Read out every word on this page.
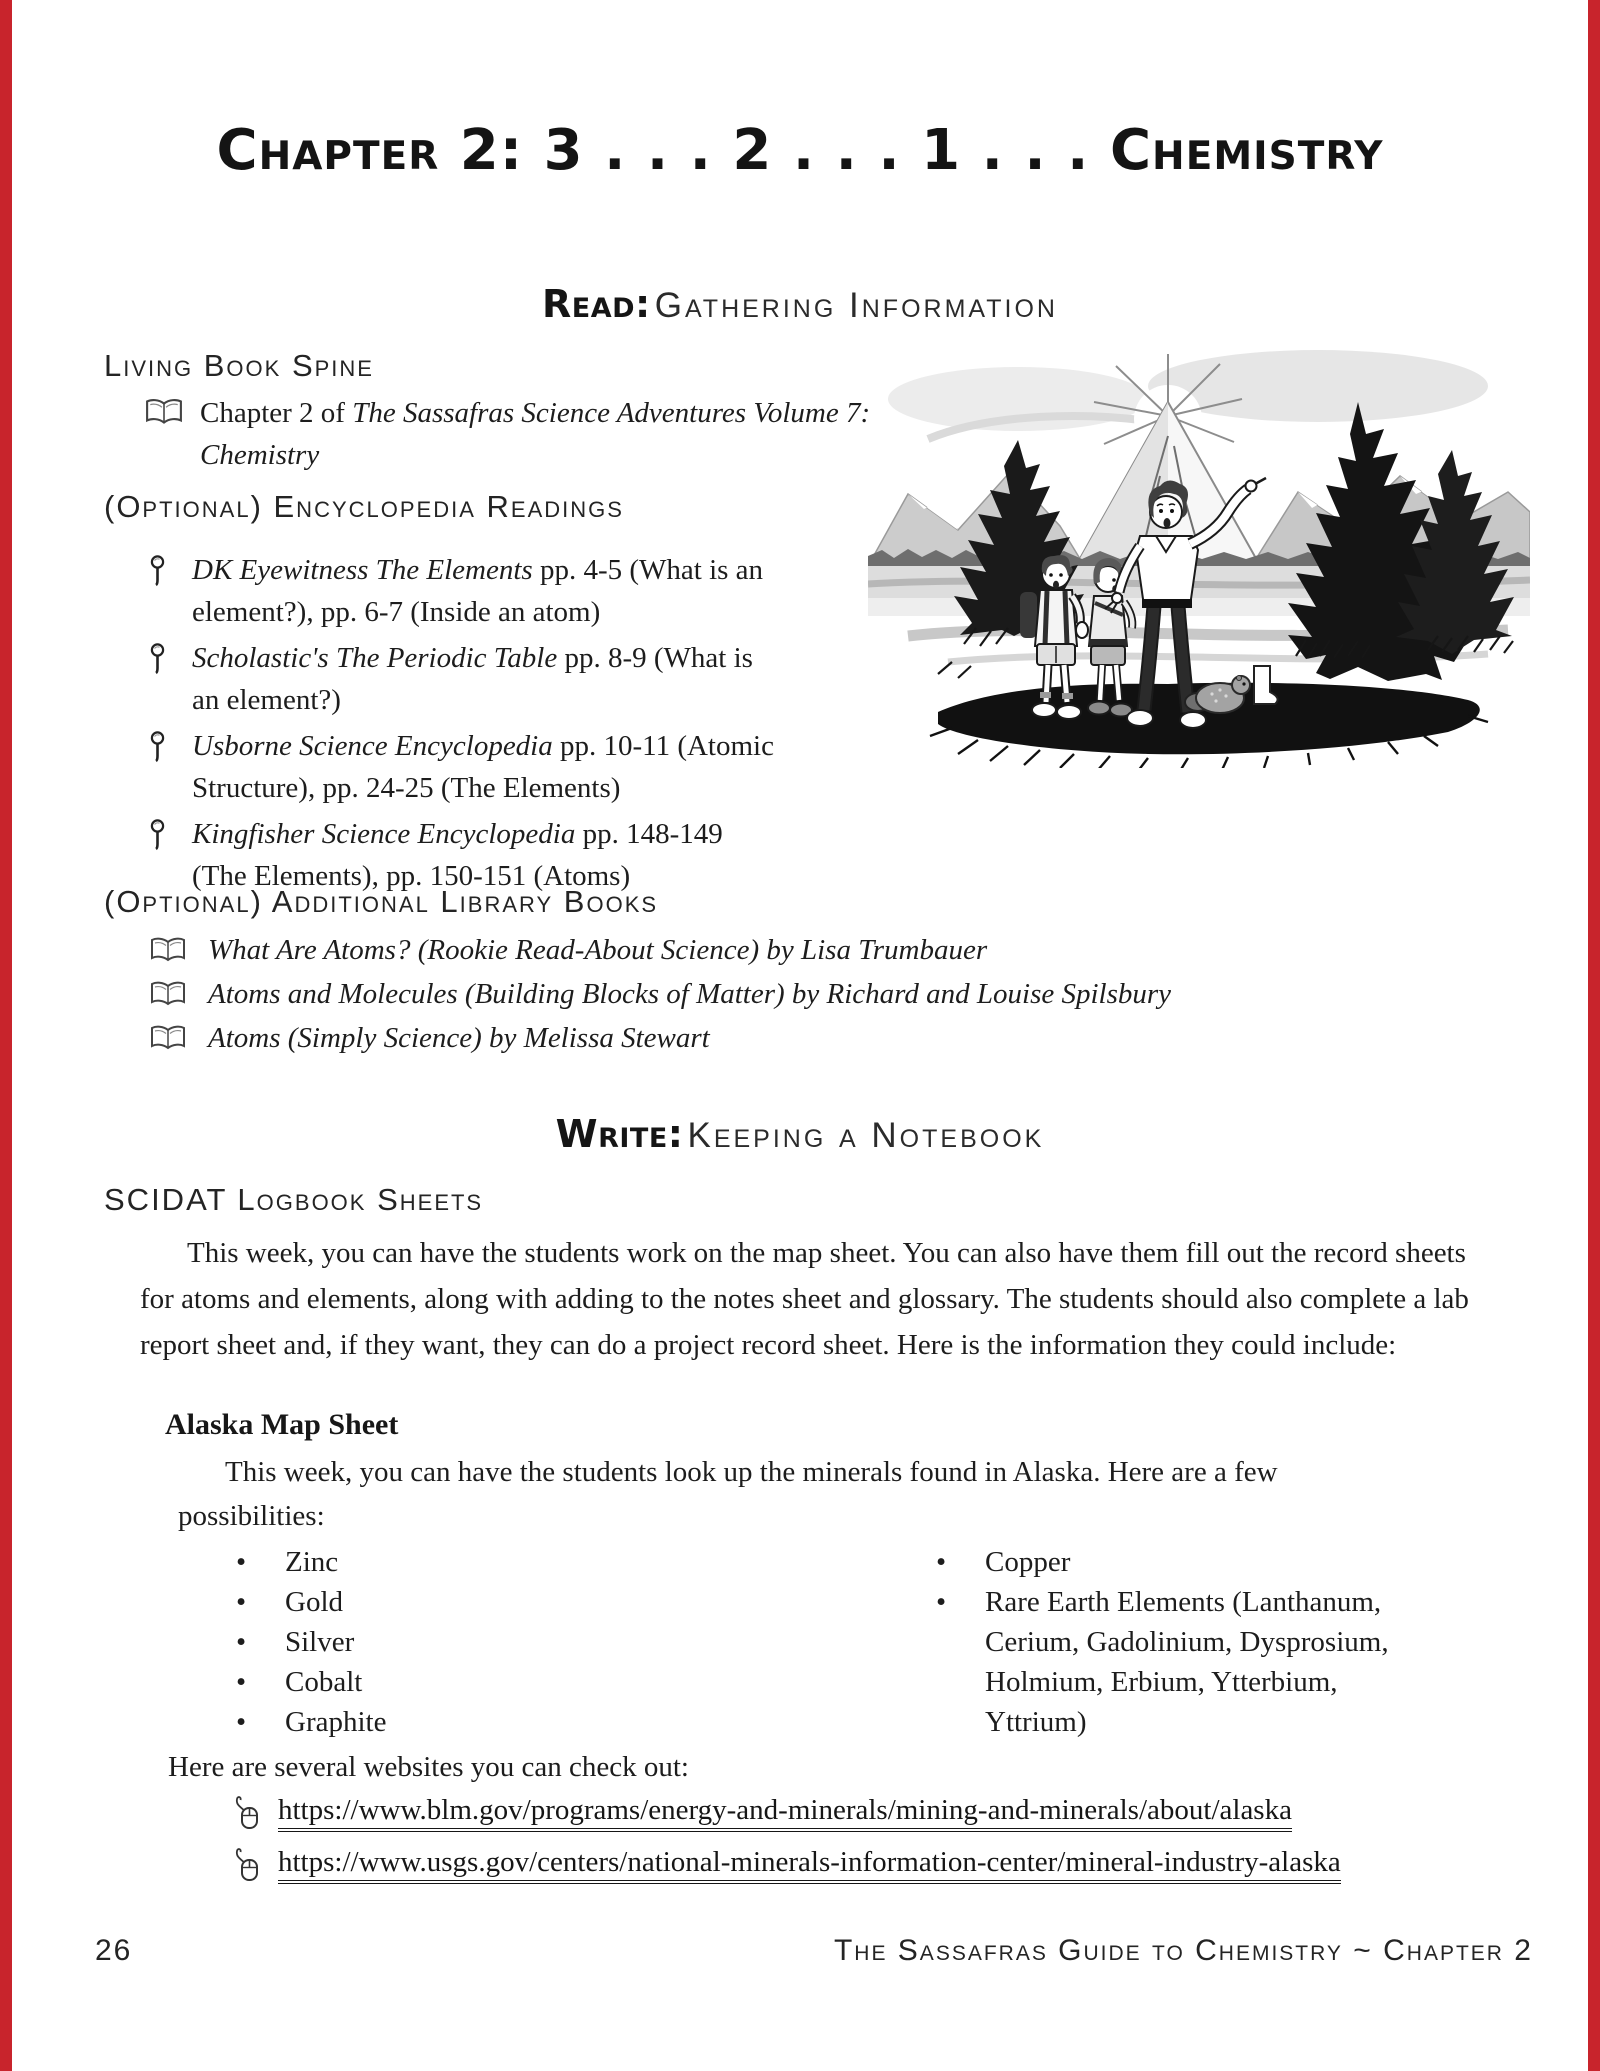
Chapter 2: 3 . . . 2 . . . 1 . . . Chemistry
Read: Gathering Information
Living Book Spine
Chapter 2 of The Sassafras Science Adventures Volume 7:
Chemistry
(Optional) Encyclopedia Readings
DK Eyewitness The Elements pp. 4-5 (What is an element?), pp. 6-7 (Inside an atom)
Scholastic's The Periodic Table pp. 8-9 (What is an element?)
Usborne Science Encyclopedia pp. 10-11 (Atomic Structure), pp. 24-25 (The Elements)
Kingfisher Science Encyclopedia pp. 148-149 (The Elements), pp. 150-151 (Atoms)
(Optional) Additional Library Books
What Are Atoms? (Rookie Read-About Science) by Lisa Trumbauer
Atoms and Molecules (Building Blocks of Matter) by Richard and Louise Spilsbury
Atoms (Simply Science) by Melissa Stewart
Write: Keeping a Notebook
SCIDAT Logbook Sheets

This week, you can have the students work on the map sheet. You can also have them fill out the record sheets for atoms and elements, along with adding to the notes sheet and glossary. The students should also complete a lab report sheet and, if they want, they can do a project record sheet. Here is the information they could include:

Alaska Map Sheet

This week, you can have the students look up the minerals found in Alaska. Here are a few possibilities:

• Zinc
• Gold
• Silver
• Cobalt
• Graphite
• Copper
• Rare Earth Elements (Lanthanum, Cerium, Gadolinium, Dysprosium, Holmium, Erbium, Ytterbium, Yttrium)

Here are several websites you can check out:

https://www.blm.gov/programs/energy-and-minerals/mining-and-minerals/about/alaska
https://www.usgs.gov/centers/national-minerals-information-center/mineral-industry-alaska
26	The Sassafras Guide to Chemistry ~ Chapter 2
